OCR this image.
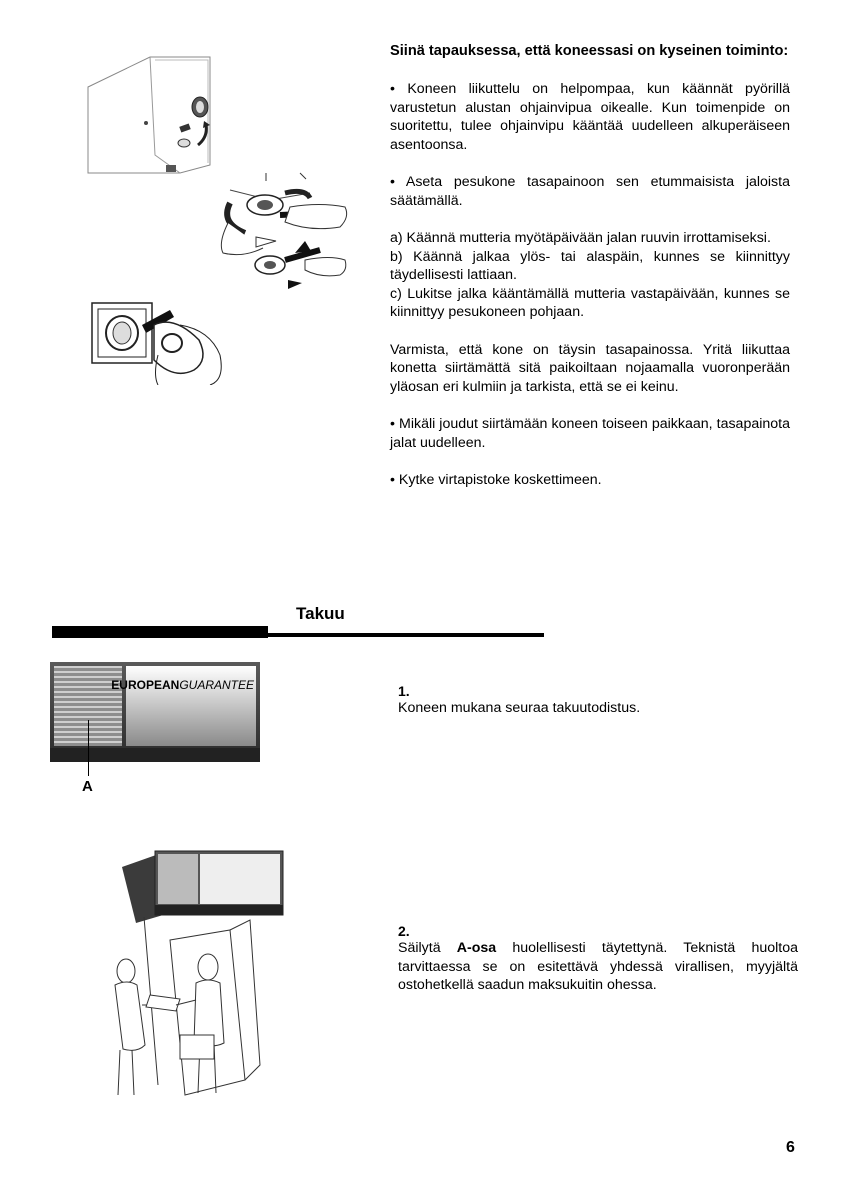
Siinä tapauksessa, että koneessasi on kyseinen toiminto:

• Koneen liikuttelu on helpompaa, kun käännät pyörillä varustetun alustan ohjainvipua oikealle. Kun toimenpide on suoritettu, tulee ohjainvipu kääntää uudelleen alkuperäiseen asentoonsa.

• Aseta pesukone tasapainoon sen etummaisista jaloista säätämällä.

a) Käännä mutteria myötäpäivään jalan ruuvin irrottamiseksi.

b) Käännä jalkaa ylös- tai alaspäin, kunnes se kiinnittyy täydellisesti lattiaan.

c) Lukitse jalka kääntämällä mutteria vastapäivään, kunnes se kiinnittyy pesukoneen pohjaan.

Varmista, että kone on täysin tasapainossa. Yritä liikuttaa konetta siirtämättä sitä paikoiltaan nojaamalla vuoronperään yläosan eri kulmiin ja tarkista, että se ei keinu.

• Mikäli joudut siirtämään koneen toiseen paikkaan, tasapainota jalat uudelleen.

• Kytke virtapistoke koskettimeen.

Takuu
EUROPEANGUARANTEE
A
1.
Koneen mukana seuraa takuutodistus.
2.
Säilytä A-osa huolellisesti täytettynä. Teknistä huoltoa tarvittaessa se on esitettävä yhdessä virallisen, myyjältä ostohetkellä saadun maksukuitin ohessa.
6
